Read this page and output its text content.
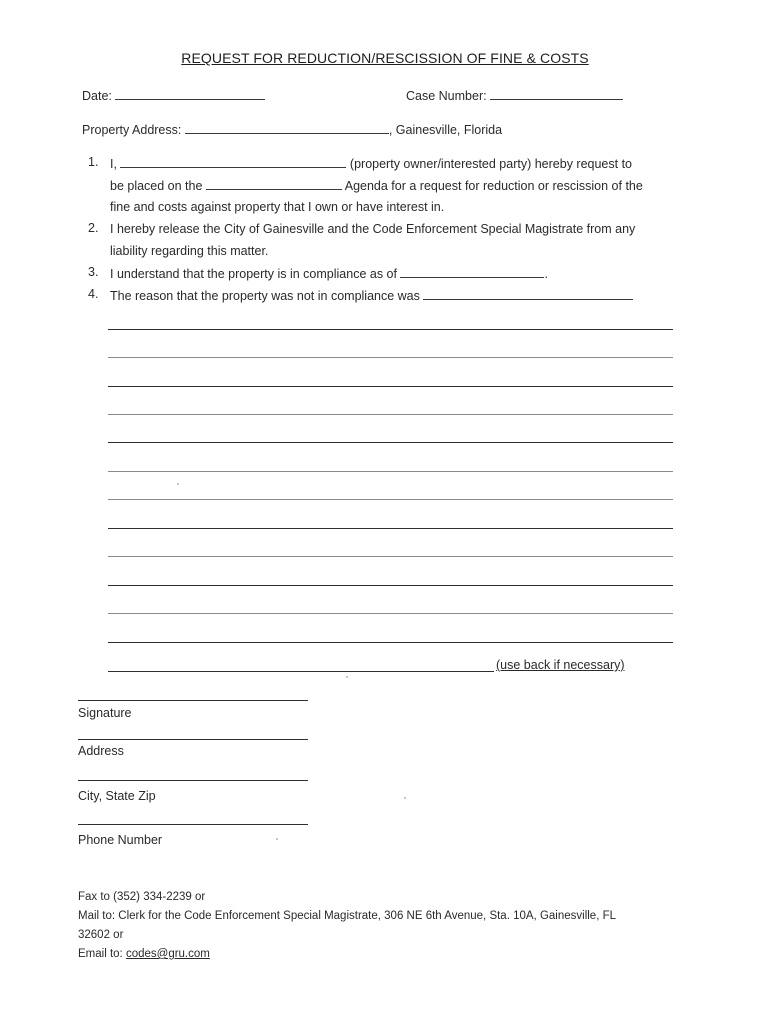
REQUEST FOR REDUCTION/RESCISSION OF FINE & COSTS
Date:	Case Number:
Property Address:	, Gainesville, Florida
1. I,	(property owner/interested party) hereby request to
be placed on the	Agenda for a request for reduction or rescission of the
fine and costs against property that I own or have interest in.
2. I hereby release the City of Gainesville and the Code Enforcement Special Magistrate from any
liability regarding this matter.
3. I understand that the property is in compliance as of	.
4. The reason that the property was not in compliance was
(use back if necessary)
Signature
Address
City, State Zip
Phone Number
Fax to (352) 334-2239 or
Mail to: Clerk for the Code Enforcement Special Magistrate, 306 NE 6th Avenue, Sta. 10A, Gainesville, FL
32602 or
Email to: codes@gru.com
